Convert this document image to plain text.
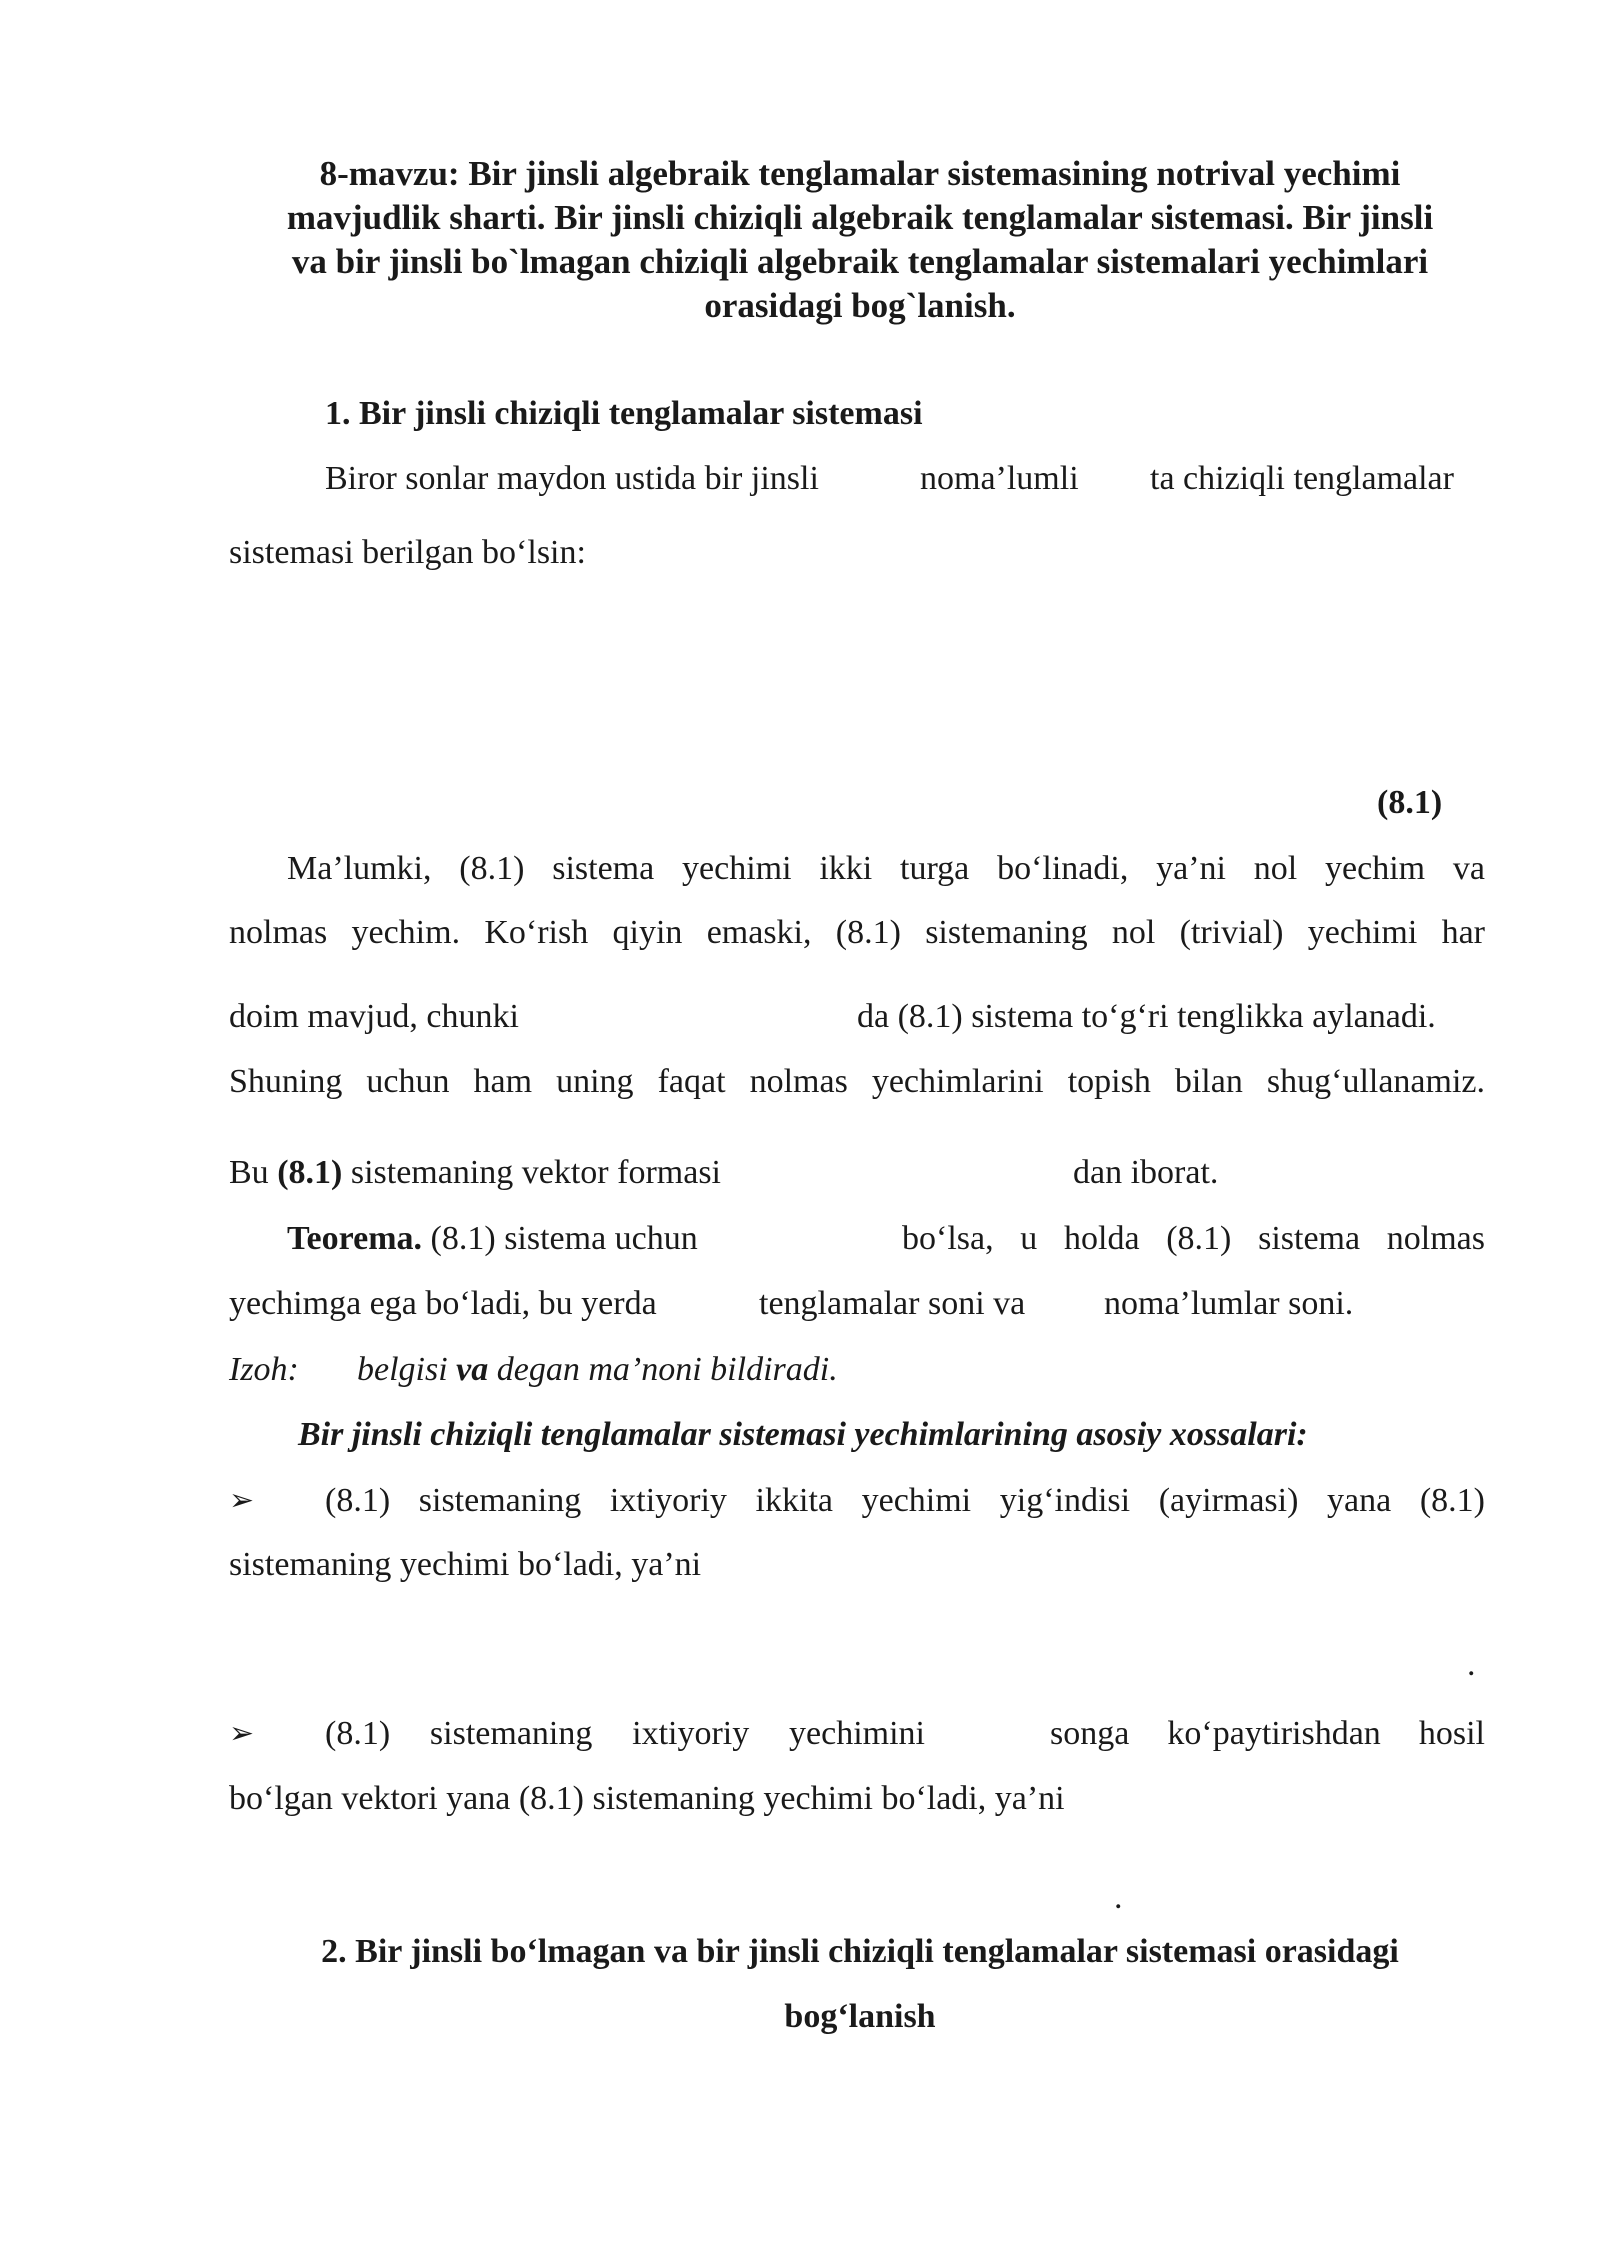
8-mavzu: Bir jinsli algebraik tenglamalar sistemasining notrival yechimi
mavjudlik sharti. Bir jinsli chiziqli algebraik tenglamalar sistemasi. Bir jinsli
va bir jinsli bo`lmagan chiziqli algebraik tenglamalar sistemalari yechimlari
orasidagi bog`lanish.
1. Bir jinsli chiziqli tenglamalar sistemasi
Biror sonlar maydon ustida bir jinsli	noma’lumli ta chiziqli tenglamalar
sistemasi berilgan bo‘lsin:
(8.1)
Ma’lumki, (8.1) sistema yechimi ikki turga bo‘linadi, ya’ni nol yechim va
nolmas yechim. Ko‘rish qiyin emaski, (8.1) sistemaning nol (trivial) yechimi har
doim mavjud, chunki	da (8.1) sistema to‘g‘ri tenglikka aylanadi.
Shuning uchun ham uning faqat nolmas yechimlarini topish bilan shug‘ullanamiz.
Bu (8.1) sistemaning vektor formasi	dan iborat.
Teorema. (8.1) sistema uchun	bo‘lsa, u holda (8.1) sistema nolmas
yechimga ega bo‘ladi, bu yerda	tenglamalar soni va noma’lumlar soni.
Izoh: belgisi va degan ma’noni bildiradi.
Bir jinsli chiziqli tenglamalar sistemasi yechimlarining asosiy xossalari:
➢ (8.1) sistemaning ixtiyoriy ikkita yechimi yig‘indisi (ayirmasi) yana (8.1)
sistemaning yechimi bo‘ladi, ya’ni
.
➢ (8.1) sistemaning ixtiyoriy yechimini	songa ko‘paytirishdan hosil
bo‘lgan vektori yana (8.1) sistemaning yechimi bo‘ladi, ya’ni
.
2. Bir jinsli bo‘lmagan va bir jinsli chiziqli tenglamalar sistemasi orasidagi
bog‘lanish
